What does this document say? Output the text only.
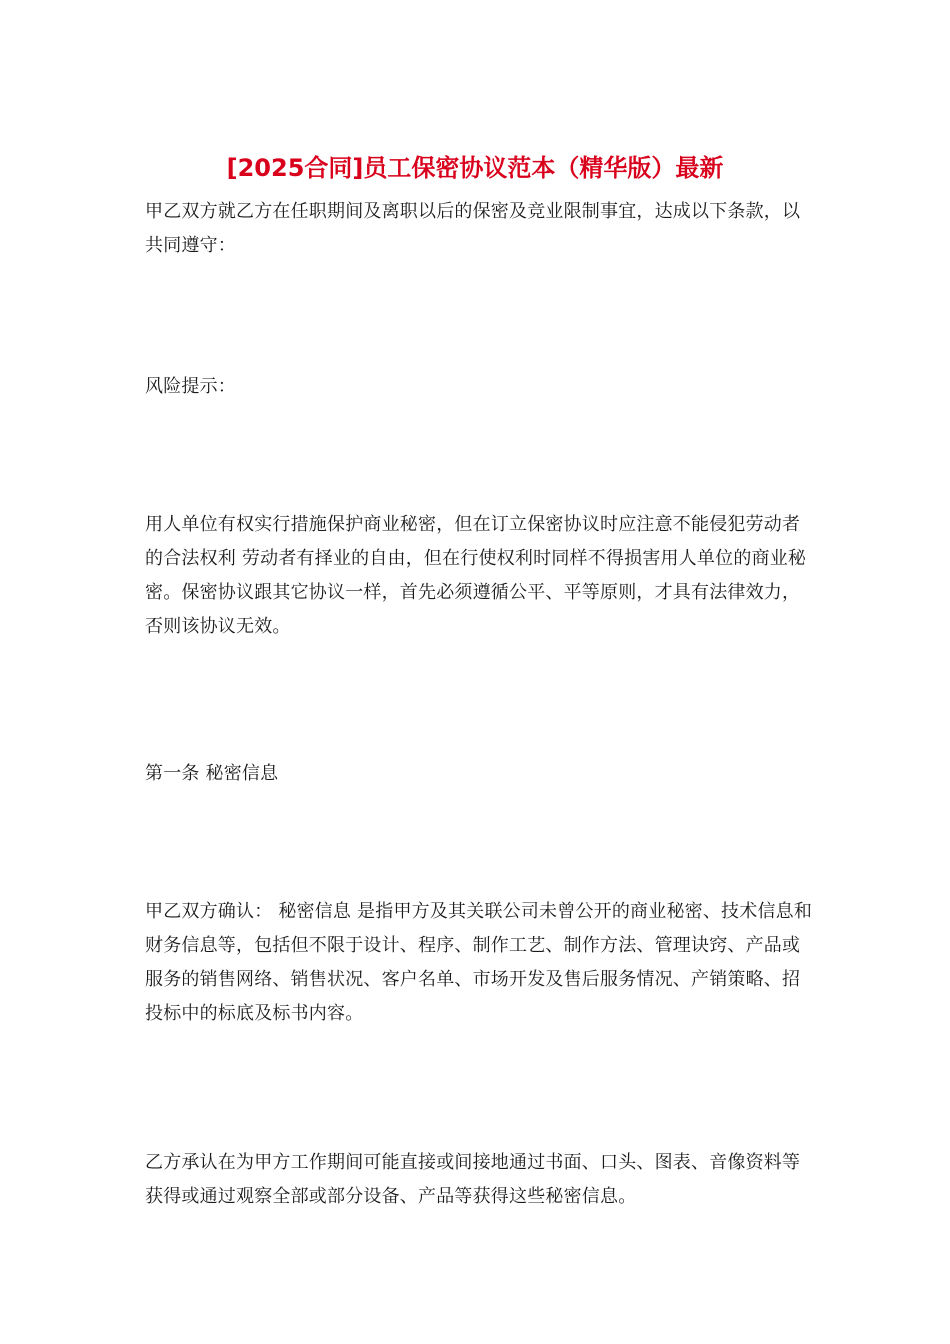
[2025合同]员工保密协议范本（精华版）最新

甲乙双方就乙方在任职期间及离职以后的保密及竞业限制事宜，达成以下条款，以共同遵守：

风险提示：

用人单位有权实行措施保护商业秘密，但在订立保密协议时应注意不能侵犯劳动者的合法权利 劳动者有择业的自由，但在行使权利时同样不得损害用人单位的商业秘密。保密协议跟其它协议一样，首先必须遵循公平、平等原则，才具有法律效力，否则该协议无效。

第一条 秘密信息

甲乙双方确认： 秘密信息 是指甲方及其关联公司未曾公开的商业秘密、技术信息和财务信息等，包括但不限于设计、程序、制作工艺、制作方法、管理诀窍、产品或服务的销售网络、销售状况、客户名单、市场开发及售后服务情况、产销策略、招投标中的标底及标书内容。

乙方承认在为甲方工作期间可能直接或间接地通过书面、口头、图表、音像资料等获得或通过观察全部或部分设备、产品等获得这些秘密信息。
